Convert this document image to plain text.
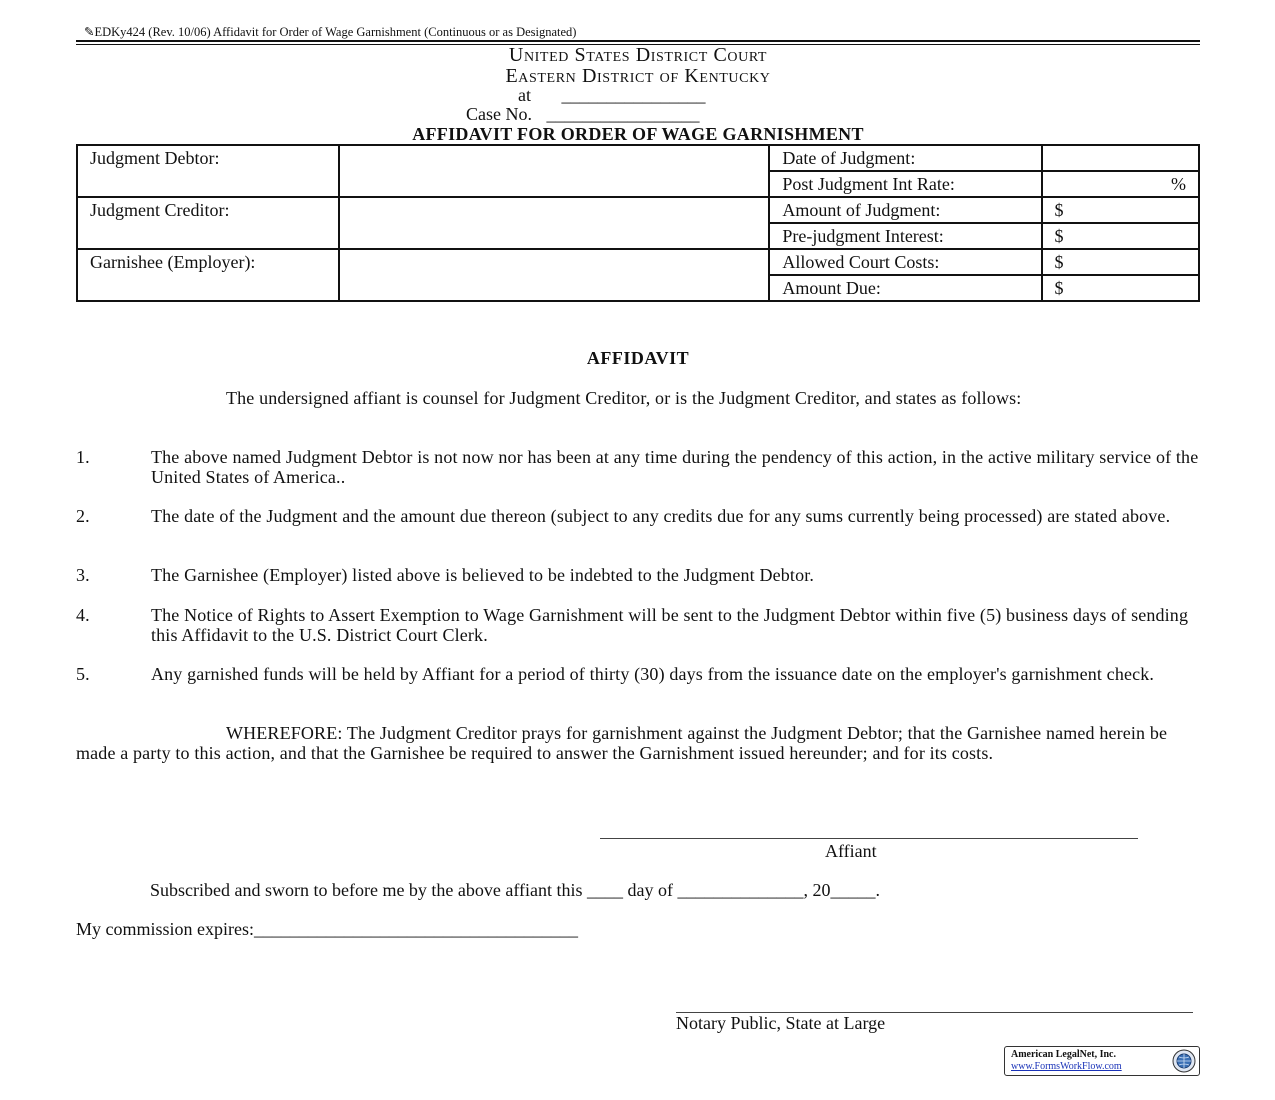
✎EDKy424 (Rev. 10/06) Affidavit for Order of Wage Garnishment (Continuous or as Designated)
United States District Court
Eastern District of Kentucky
at ________________
Case No. _________________
AFFIDAVIT FOR ORDER OF WAGE GARNISHMENT
Judgment Debtor:		Date of Judgment:	
		Post Judgment Int Rate:	%
Judgment Creditor:		Amount of Judgment:	$
		Pre-judgment Interest:	$
Garnishee (Employer):		Allowed Court Costs:	$
		Amount Due:	$
AFFIDAVIT
The undersigned affiant is counsel for Judgment Creditor, or is the Judgment Creditor, and states as follows:
1.	The above named Judgment Debtor is not now nor has been at any time during the pendency of this action, in the active military service of the United States of America..
2.	The date of the Judgment and the amount due thereon (subject to any credits due for any sums currently being processed) are stated above.
3.	The Garnishee (Employer) listed above is believed to be indebted to the Judgment Debtor.
4.	The Notice of Rights to Assert Exemption to Wage Garnishment will be sent to the Judgment Debtor within five (5) business days of sending this Affidavit to the U.S. District Court Clerk.
5.	Any garnished funds will be held by Affiant for a period of thirty (30) days from the issuance date on the employer's garnishment check.
WHEREFORE: The Judgment Creditor prays for garnishment against the Judgment Debtor; that the Garnishee named herein be made a party to this action, and that the Garnishee be required to answer the Garnishment issued hereunder; and for its costs.
Affiant
Subscribed and sworn to before me by the above affiant this ____ day of ______________, 20_____.
My commission expires:____________________________________
Notary Public, State at Large
American LegalNet, Inc.
www.FormsWorkFlow.com
